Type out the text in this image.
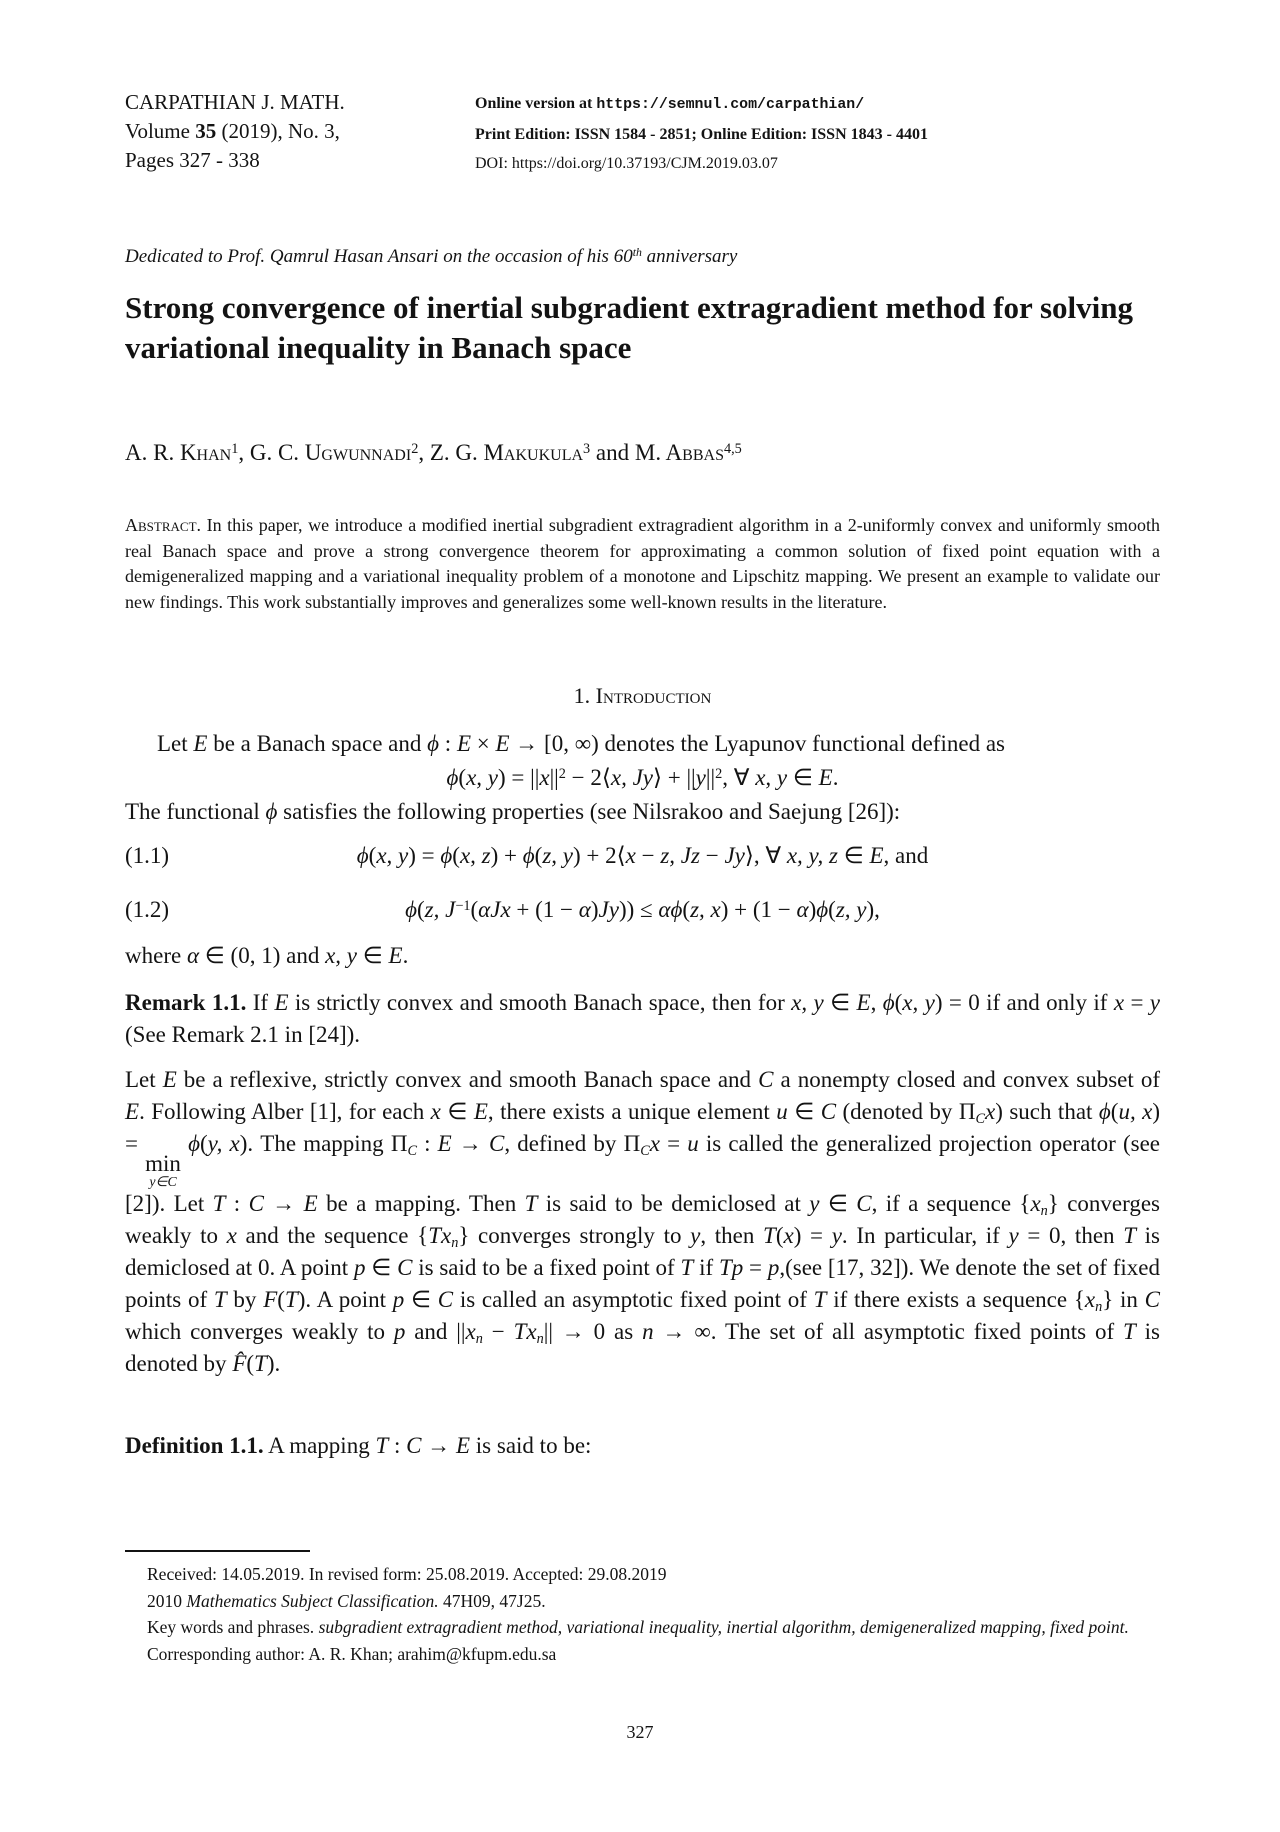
CARPATHIAN J. MATH.
Volume 35 (2019), No. 3,
Pages 327 - 338
Online version at https://semnul.com/carpathian/
Print Edition: ISSN 1584 - 2851; Online Edition: ISSN 1843 - 4401
DOI: https://doi.org/10.37193/CJM.2019.03.07
Dedicated to Prof. Qamrul Hasan Ansari on the occasion of his 60th anniversary
Strong convergence of inertial subgradient extragradient method for solving variational inequality in Banach space
A. R. Khan$^1$, G. C. Ugwunnadi$^2$, Z. G. Makukula$^3$ and M. Abbas$^{4,5}$
Abstract. In this paper, we introduce a modified inertial subgradient extragradient algorithm in a 2-uniformly convex and uniformly smooth real Banach space and prove a strong convergence theorem for approximating a common solution of fixed point equation with a demigeneralized mapping and a variational inequality problem of a monotone and Lipschitz mapping. We present an example to validate our new findings. This work substantially improves and generalizes some well-known results in the literature.
1. Introduction

Let E be a Banach space and ϕ : E × E → [0, ∞) denotes the Lyapunov functional defined as

ϕ(x, $y) = ||x||^2$ − 2⟨x, Jy⟩ + $||y||^2$, ∀ x, y ∈ E.

The functional ϕ satisfies the following properties (see Nilsrakoo and Saejung [26]):

(1.1)	ϕ(x, y) = ϕ(x, z) + ϕ(z, y) + 2⟨x − z, Jz − Jy⟩, ∀ x, y, z ∈ E, and
(1.2)	ϕ(z, $J^{-1}(\alpha Jx + (1 - \alpha)Jy)) \le \alpha\phi(z$, x) + (1 − α)ϕ(z, y),

where α ∈ (0, 1) and x, y ∈ E.

Remark 1.1. If E is strictly convex and smooth Banach space, then for x, y ∈ E, ϕ(x, y) = 0 if and only if x = y (See Remark 2.1 in [24]).

Let E be a reflexive, strictly convex and smooth Banach space and C a nonempty closed and convex subset of E. Following Alber [1], for each x ∈ E, there exists a unique element u ∈ C (denoted by ΠCx) such that ϕ(u, x) =
min
y∈C
ϕ(y, x). The mapping ΠC : E → C, defined by ΠCx = u is called the generalized projection operator (see [2]). Let T : C → E be a mapping. Then T is said to be demiclosed at y ∈ C, if a sequence {xn} converges weakly to x and the sequence {Txn} converges strongly to y, then T(x) = y. In particular, if y = 0, then T is demiclosed at 0. A point p ∈ C is said to be a fixed point of T if Tp = p,(see [17, 32]). We denote the set of fixed points of T by F(T). A point p ∈ C is called an asymptotic fixed point of T if there exists a sequence {xn} in C which converges weakly to p and ||xn − Txn|| → 0 as n → ∞. The set of all asymptotic fixed points of T is denoted by F̂(T).

Definition 1.1. A mapping T : C → E is said to be:

Received: 14.05.2019. In revised form: 25.08.2019. Accepted: 29.08.2019

2010 Mathematics Subject Classification. 47H09, 47J25.

Key words and phrases. subgradient extragradient method, variational inequality, inertial algorithm, demigeneralized mapping, fixed point.

Corresponding author: A. R. Khan; arahim@kfupm.edu.sa

327
